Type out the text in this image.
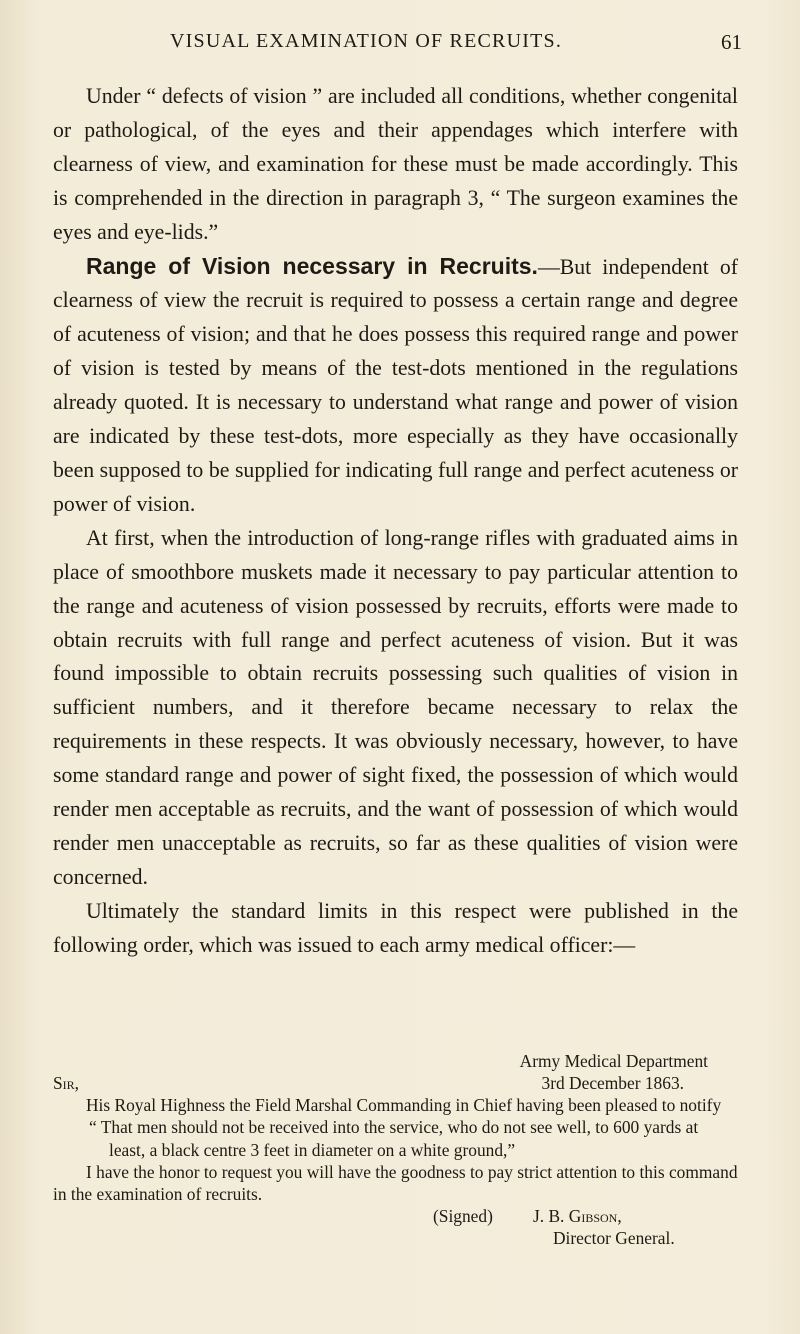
VISUAL EXAMINATION OF RECRUITS.	61

Under “ defects of vision ” are included all conditions, whether congenital or pathological, of the eyes and their appendages which interfere with clearness of view, and examination for these must be made accordingly. This is comprehended in the direction in paragraph 3, “ The surgeon examines the eyes and eye-lids.”

Range of Vision necessary in Recruits.—But independent of clearness of view the recruit is required to possess a certain range and degree of acuteness of vision; and that he does possess this required range and power of vision is tested by means of the test-dots mentioned in the regulations already quoted. It is necessary to understand what range and power of vision are indicated by these test-dots, more especially as they have occasionally been supposed to be supplied for indicating full range and perfect acuteness or power of vision.

At first, when the introduction of long-range rifles with graduated aims in place of smoothbore muskets made it necessary to pay particular attention to the range and acuteness of vision possessed by recruits, efforts were made to obtain recruits with full range and perfect acuteness of vision. But it was found impossible to obtain recruits possessing such qualities of vision in sufficient numbers, and it therefore became necessary to relax the requirements in these respects. It was obviously necessary, however, to have some standard range and power of sight fixed, the possession of which would render men acceptable as recruits, and the want of possession of which would render men unacceptable as recruits, so far as these qualities of vision were concerned.

Ultimately the standard limits in this respect were published in the following order, which was issued to each army medical officer:—

Army Medical Department
Sir,	3rd December 1863.
His Royal Highness the Field Marshal Commanding in Chief having been pleased to notify
“ That men should not be received into the service, who do not see well, to 600 yards at least, a black centre 3 feet in diameter on a white ground,”
I have the honor to request you will have the goodness to pay strict attention to this command in the examination of recruits.
(Signed) J. B. Gibson,
Director General.
